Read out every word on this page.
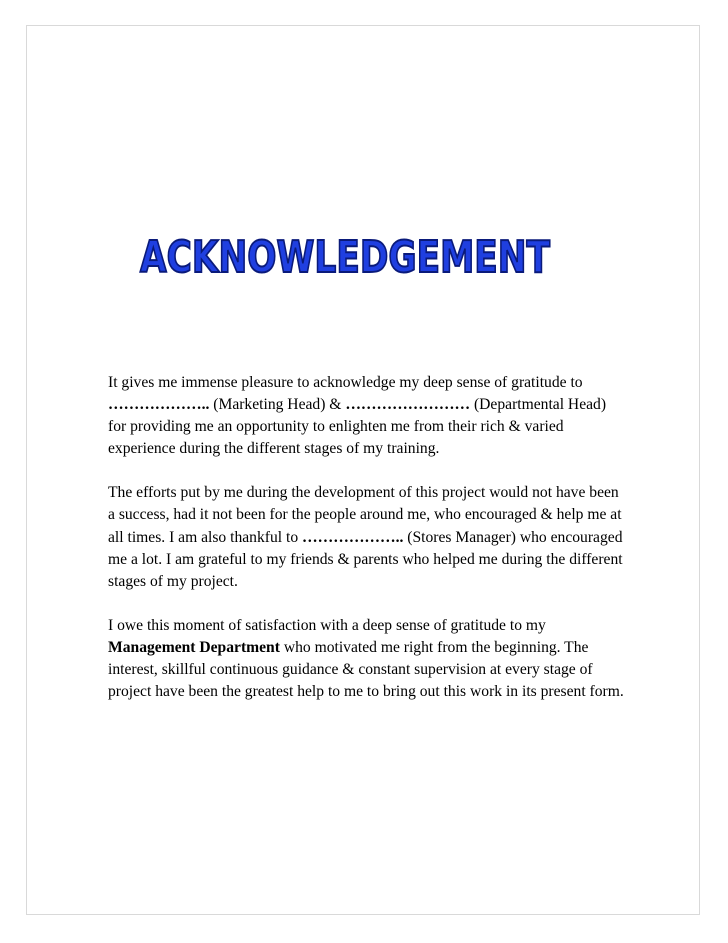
ACKNOWLEDGEMENT

It gives me immense pleasure to acknowledge my deep sense of gratitude to ……………….. (Marketing Head) & …………………… (Departmental Head) for providing me an opportunity to enlighten me from their rich & varied experience during the different stages of my training.

The efforts put by me during the development of this project would not have been a success, had it not been for the people around me, who encouraged & help me at all times. I am also thankful to ……………….. (Stores Manager) who encouraged me a lot. I am grateful to my friends & parents who helped me during the different stages of my project.

I owe this moment of satisfaction with a deep sense of gratitude to my Management Department who motivated me right from the beginning. The interest, skillful continuous guidance & constant supervision at every stage of project have been the greatest help to me to bring out this work in its present form.
